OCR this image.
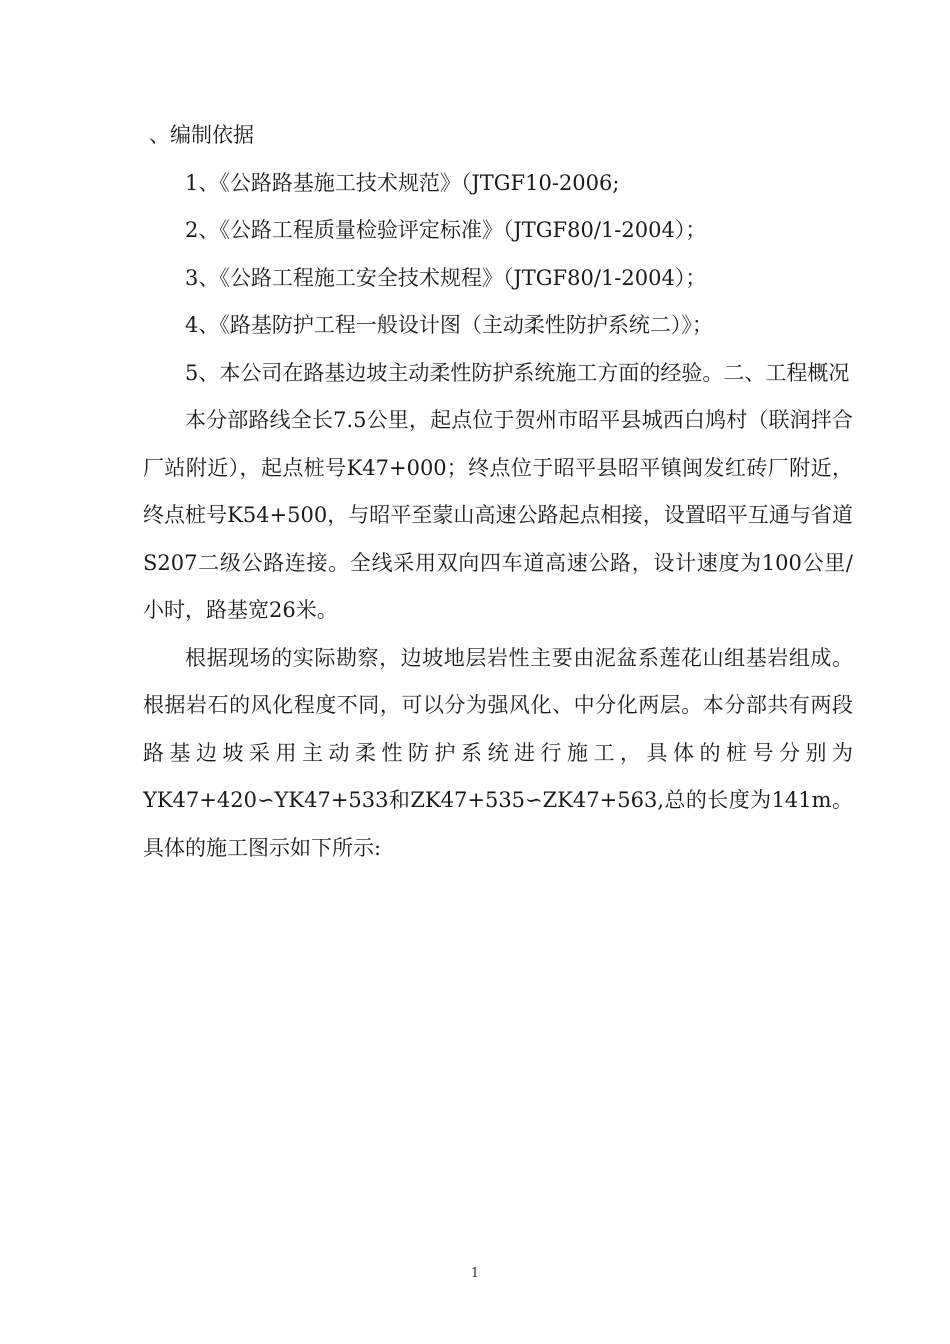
、编制依据
1、《公路路基施工技术规范》（JTGF10-2006;
2、《公路工程质量检验评定标准》（JTGF80/1-2004）；
3、《公路工程施工安全技术规程》（JTGF80/1-2004）；
4、《路基防护工程一般设计图（主动柔性防护系统二）》；
5、本公司在路基边坡主动柔性防护系统施工方面的经验。二、工程概况
本分部路线全长7.5公里，起点位于贺州市昭平县城西白鸠村（联润拌合厂站附近），起点桩号K47+000；终点位于昭平县昭平镇闽发红砖厂附近，终点桩号K54+500，与昭平至蒙山高速公路起点相接，设置昭平互通与省道S207二级公路连接。全线采用双向四车道高速公路，设计速度为100公里/小时，路基宽26米。
根据现场的实际勘察，边坡地层岩性主要由泥盆系莲花山组基岩组成。根据岩石的风化程度不同，可以分为强风化、中分化两层。本分部共有两段路基边坡采用主动柔性防护系统进行施工，具体的桩号分别为YK47+420∽YK47+533和ZK47+535∽ZK47+563,总的长度为141m。具体的施工图示如下所示:
1
